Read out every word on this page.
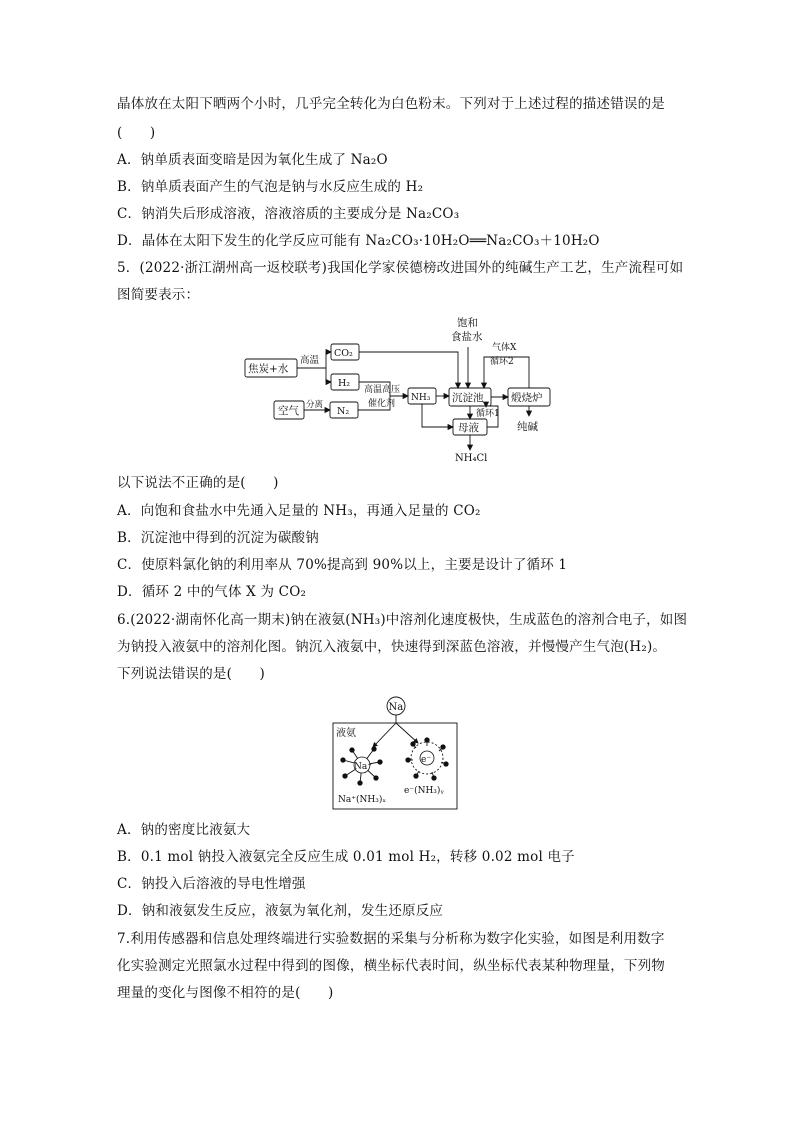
晶体放在太阳下晒两个小时，几乎完全转化为白色粉末。下列对于上述过程的描述错误的是
(　　)
A．钠单质表面变暗是因为氧化生成了 Na₂O
B．钠单质表面产生的气泡是钠与水反应生成的 H₂
C．钠消失后形成溶液，溶液溶质的主要成分是 Na₂CO₃
D．晶体在太阳下发生的化学反应可能有 Na₂CO₃·10H₂O══Na₂CO₃＋10H₂O
5．(2022·浙江湖州高一返校联考)我国化学家侯德榜改进国外的纯碱生产工艺，生产流程可如
图简要表示：
焦炭+水
高温
CO₂
H₂
空气 分离
N₂
高温高压
催化剂
NH₃
饱和
食盐水
气体X
循环2
沉淀池	煅烧炉
循环1
母液	纯碱
NH₄Cl
以下说法不正确的是(　　)
A．向饱和食盐水中先通入足量的 NH₃，再通入足量的 CO₂
B．沉淀池中得到的沉淀为碳酸钠
C．使原料氯化钠的利用率从 70%提高到 90%以上，主要是设计了循环 1
D．循环 2 中的气体 X 为 CO₂
6.(2022·湖南怀化高一期末)钠在液氨(NH₃)中溶剂化速度极快，生成蓝色的溶剂合电子，如图
为钠投入液氨中的溶剂化图。钠沉入液氨中，快速得到深蓝色溶液，并慢慢产生气泡(H₂)。
下列说法错误的是(　　)
Na
液氨
Na⁺
e⁻
Na⁺(NH₃)ₓ
e⁻(NH₃)ᵧ
A．钠的密度比液氨大
B．0.1 mol 钠投入液氨完全反应生成 0.01 mol H₂，转移 0.02 mol 电子
C．钠投入后溶液的导电性增强
D．钠和液氨发生反应，液氨为氧化剂，发生还原反应
7.利用传感器和信息处理终端进行实验数据的采集与分析称为数字化实验，如图是利用数字
化实验测定光照氯水过程中得到的图像，横坐标代表时间，纵坐标代表某种物理量，下列物
理量的变化与图像不相符的是(　　)
